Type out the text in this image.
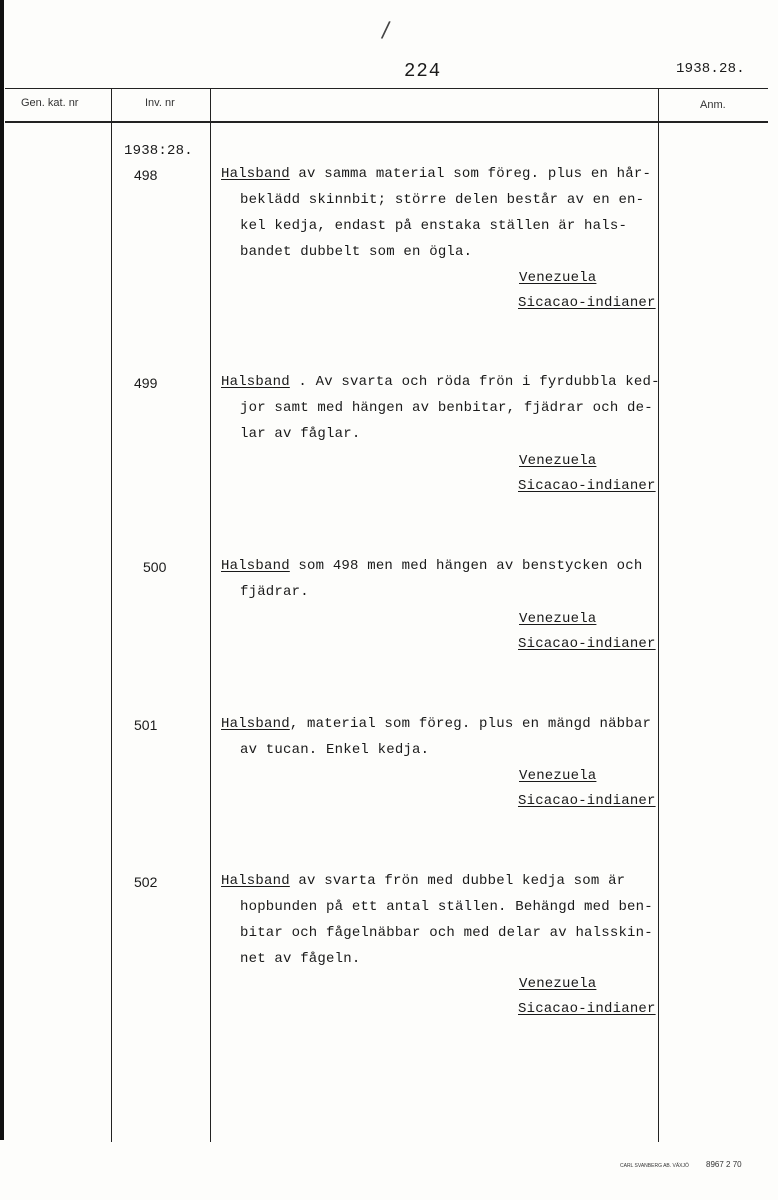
/
224	1938.28.
Gen. kat. nr	Inv. nr	Anm.
1938:28.
498	Halsband av samma material som föreg. plus en hår-
beklädd skinnbit; större delen består av en en-
kel kedja, endast på enstaka ställen är hals-
bandet dubbelt som en ögla.
Venezuela
Sicacao-indianer
499	Halsband . Av svarta och röda frön i fyrdubbla ked-
jor samt med hängen av benbitar, fjädrar och de-
lar av fåglar.
Venezuela
Sicacao-indianer
500	Halsband som 498 men med hängen av benstycken och
fjädrar.
Venezuela
Sicacao-indianer
501	Halsband, material som föreg. plus en mängd näbbar
av tucan. Enkel kedja.
Venezuela
Sicacao-indianer
502	Halsband av svarta frön med dubbel kedja som är
hopbunden på ett antal ställen. Behängd med ben-
bitar och fågelnäbbar och med delar av halsskin-
net av fågeln.
Venezuela
Sicacao-indianer
CARL SVANBERG AB. VÄXJÖ 8967 2 70
